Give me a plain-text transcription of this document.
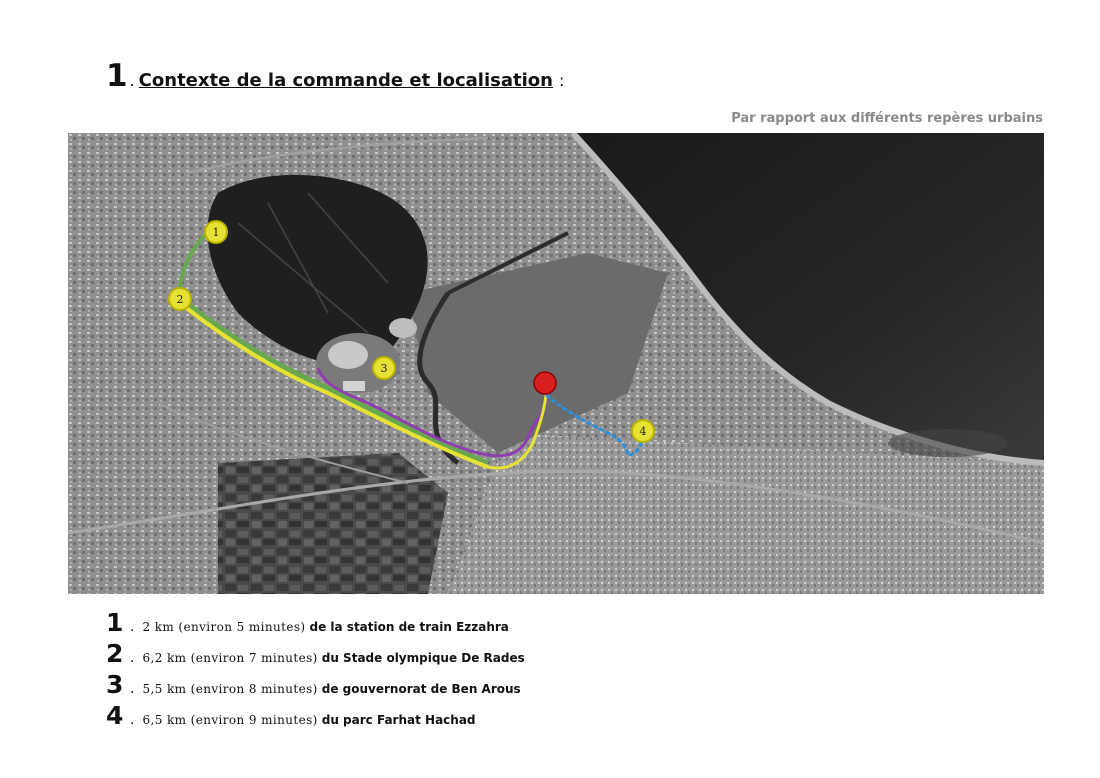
1 . Contexte de la commande et localisation :
Par rapport aux différents repères urbains
1
2
3
4
1 . 2 km (environ 5 minutes) de la station de train Ezzahra
2 . 6,2 km (environ 7 minutes) du Stade olympique De Rades
3 . 5,5 km (environ 8 minutes) de gouvernorat de Ben Arous
4 . 6,5 km (environ 9 minutes) du parc Farhat Hachad
